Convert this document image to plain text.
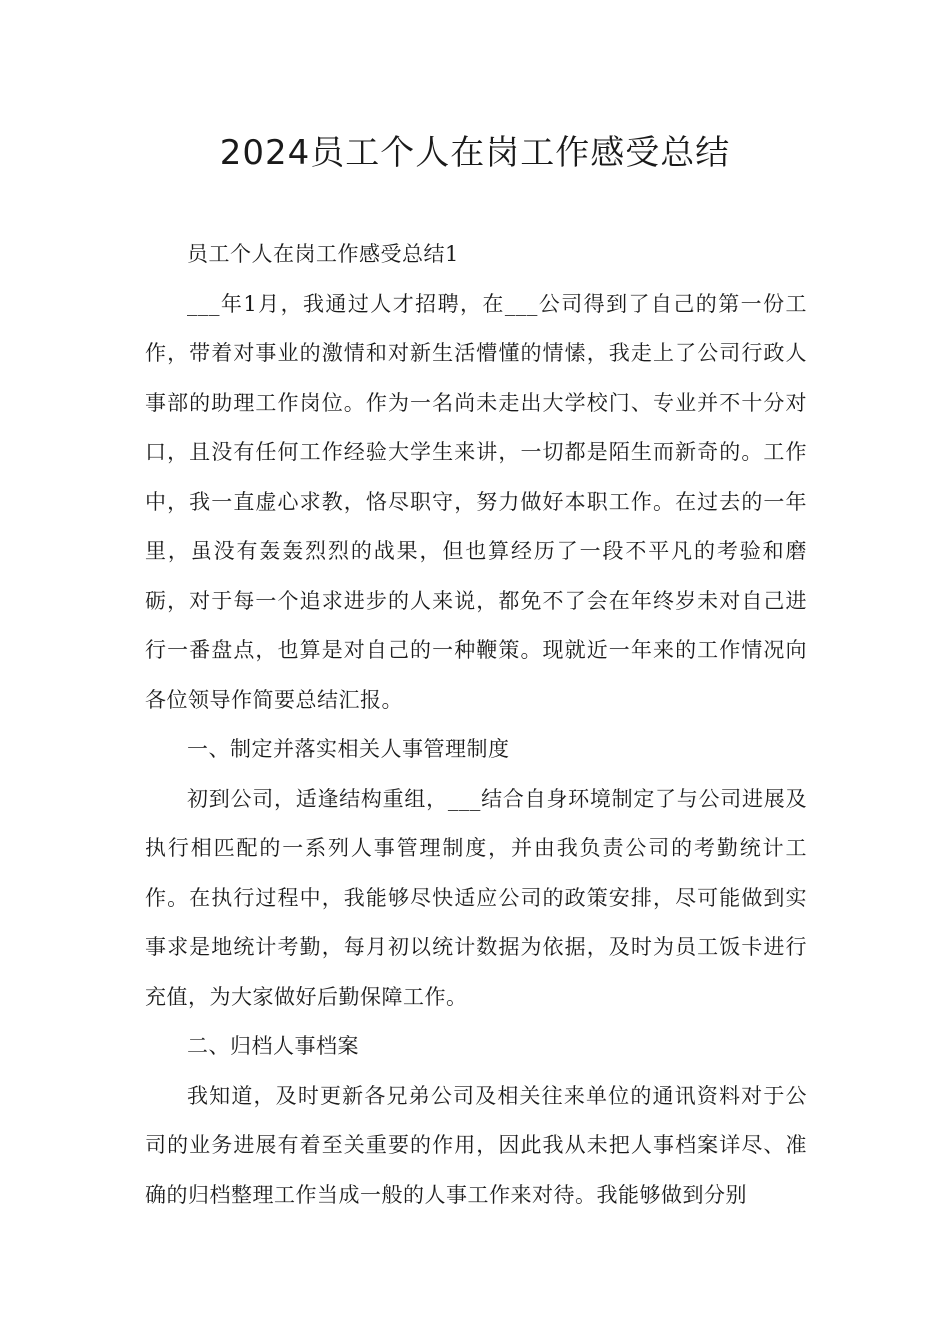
2024员工个人在岗工作感受总结

员工个人在岗工作感受总结1

___年1月，我通过人才招聘，在___公司得到了自己的第一份工作，带着对事业的激情和对新生活懵懂的情愫，我走上了公司行政人事部的助理工作岗位。作为一名尚未走出大学校门、专业并不十分对口，且没有任何工作经验大学生来讲，一切都是陌生而新奇的。工作中，我一直虚心求教，恪尽职守，努力做好本职工作。在过去的一年里，虽没有轰轰烈烈的战果，但也算经历了一段不平凡的考验和磨砺，对于每一个追求进步的人来说，都免不了会在年终岁未对自己进行一番盘点，也算是对自己的一种鞭策。现就近一年来的工作情况向各位领导作简要总结汇报。

一、制定并落实相关人事管理制度

初到公司，适逢结构重组，___结合自身环境制定了与公司进展及执行相匹配的一系列人事管理制度，并由我负责公司的考勤统计工作。在执行过程中，我能够尽快适应公司的政策安排，尽可能做到实事求是地统计考勤，每月初以统计数据为依据，及时为员工饭卡进行充值，为大家做好后勤保障工作。

二、归档人事档案

我知道，及时更新各兄弟公司及相关往来单位的通讯资料对于公司的业务进展有着至关重要的作用，因此我从未把人事档案详尽、准确的归档整理工作当成一般的人事工作来对待。我能够做到分别
